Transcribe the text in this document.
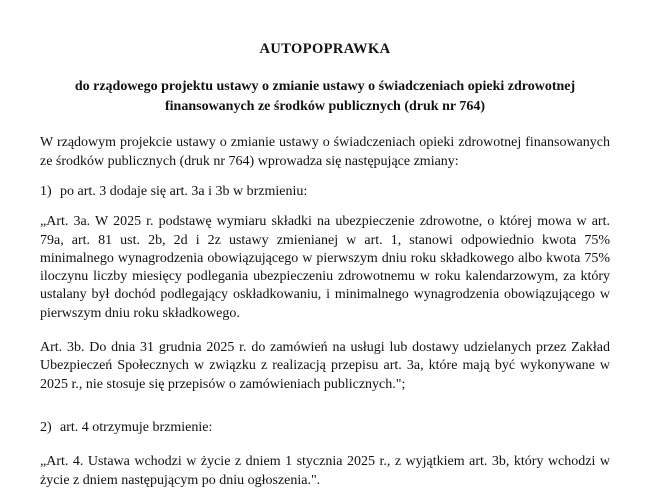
AUTOPOPRAWKA
do rządowego projektu ustawy o zmianie ustawy o świadczeniach opieki zdrowotnej finansowanych ze środków publicznych (druk nr 764)

W rządowym projekcie ustawy o zmianie ustawy o świadczeniach opieki zdrowotnej finansowanych ze środków publicznych (druk nr 764) wprowadza się następujące zmiany:

1) po art. 3 dodaje się art. 3a i 3b w brzmieniu:

„Art. 3a. W 2025 r. podstawę wymiaru składki na ubezpieczenie zdrowotne, o której mowa w art. 79a, art. 81 ust. 2b, 2d i 2z ustawy zmienianej w art. 1, stanowi odpowiednio kwota 75% minimalnego wynagrodzenia obowiązującego w pierwszym dniu roku składkowego albo kwota 75% iloczynu liczby miesięcy podlegania ubezpieczeniu zdrowotnemu w roku kalendarzowym, za który ustalany był dochód podlegający oskładkowaniu, i minimalnego wynagrodzenia obowiązującego w pierwszym dniu roku składkowego.

Art. 3b. Do dnia 31 grudnia 2025 r. do zamówień na usługi lub dostawy udzielanych przez Zakład Ubezpieczeń Społecznych w związku z realizacją przepisu art. 3a, które mają być wykonywane w 2025 r., nie stosuje się przepisów o zamówieniach publicznych.";

2) art. 4 otrzymuje brzmienie:

„Art. 4. Ustawa wchodzi w życie z dniem 1 stycznia 2025 r., z wyjątkiem art. 3b, który wchodzi w życie z dniem następującym po dniu ogłoszenia.".
